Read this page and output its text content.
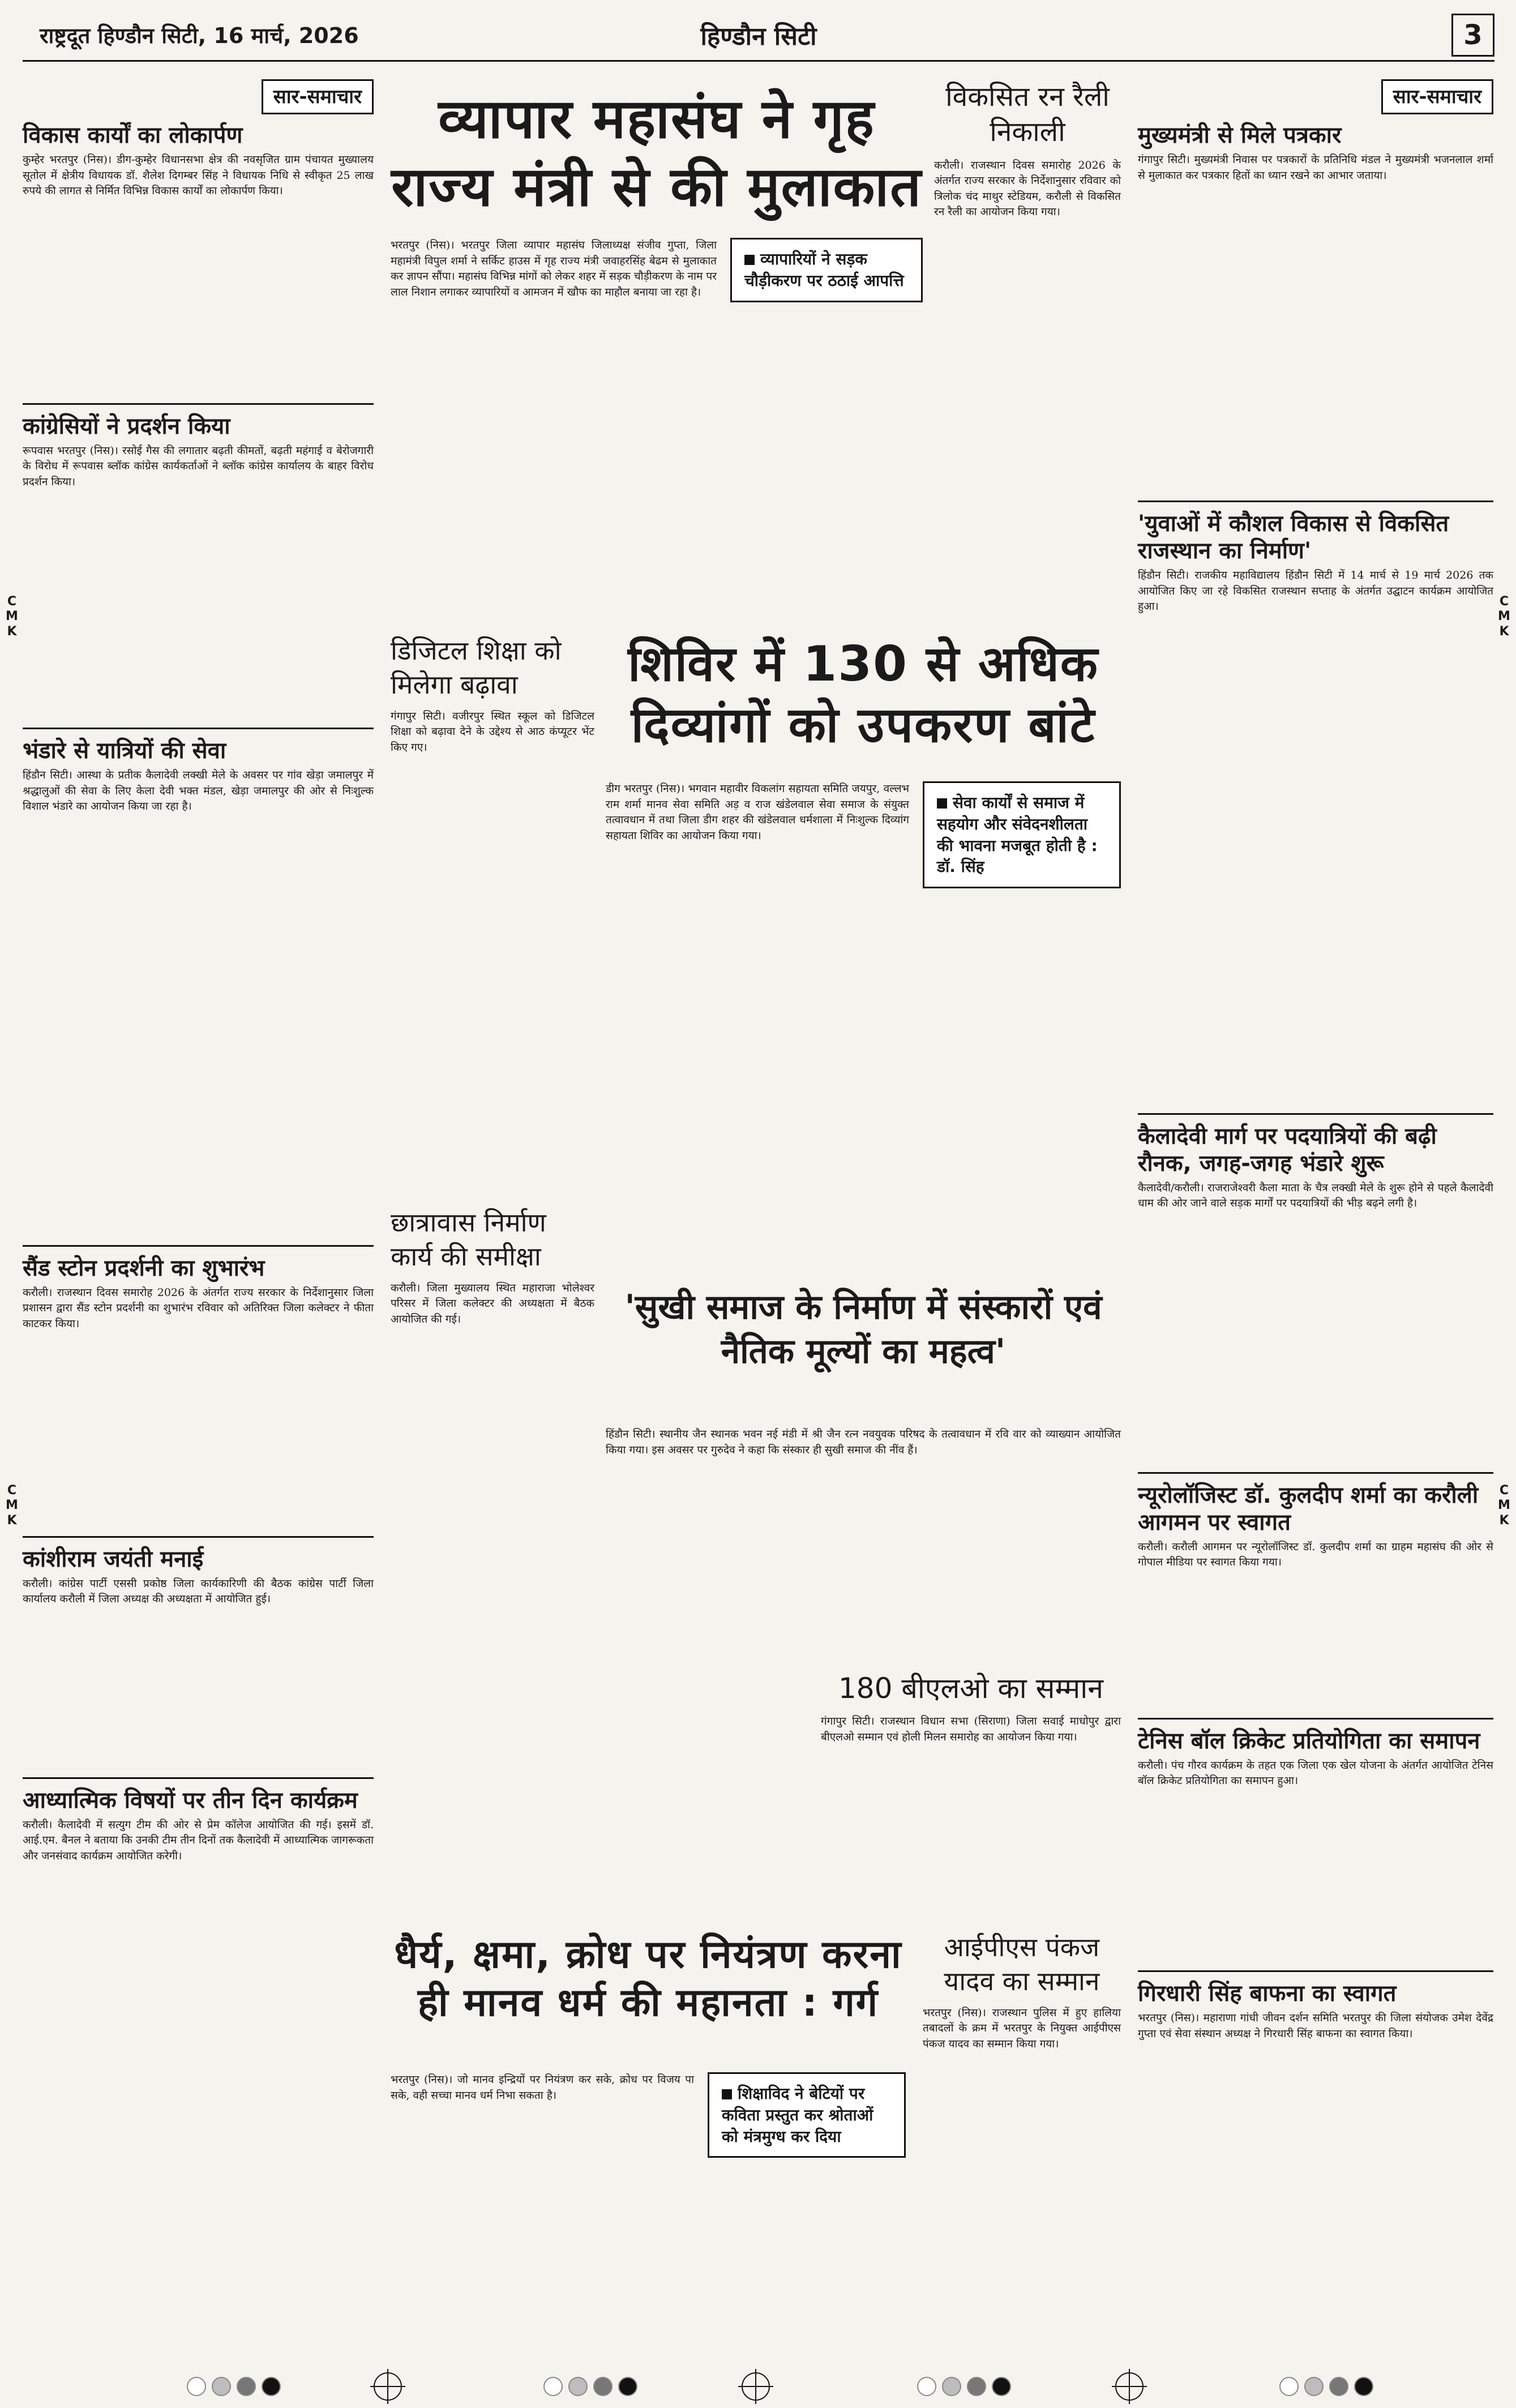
राष्ट्रदूत हिण्डौन सिटी, 16 मार्च, 2026	हिण्डौन सिटी	3
सार-समाचार
विकास कार्यों का लोकार्पण

कुम्हेर भरतपुर (निस)। डीग-कुम्हेर विधानसभा क्षेत्र की नवसृजित ग्राम पंचायत मुख्यालय सूतोल में क्षेत्रीय विधायक डॉ. शैलेश दिगम्बर सिंह ने विधायक निधि से स्वीकृत 25 लाख रुपये की लागत से निर्मित विभिन्न विकास कार्यों का लोकार्पण किया।

कांग्रेसियों ने प्रदर्शन किया

रूपवास भरतपुर (निस)। रसोई गैस की लगातार बढ़ती कीमतों, बढ़ती महंगाई व बेरोजगारी के विरोध में रूपवास ब्लॉक कांग्रेस कार्यकर्ताओं ने ब्लॉक कांग्रेस कार्यालय के बाहर विरोध प्रदर्शन किया।

भंडारे से यात्रियों की सेवा

हिंडौन सिटी। आस्था के प्रतीक कैलादेवी लक्खी मेले के अवसर पर गांव खेड़ा जमालपुर में श्रद्धालुओं की सेवा के लिए केला देवी भक्त मंडल, खेड़ा जमालपुर की ओर से निःशुल्क विशाल भंडारे का आयोजन किया जा रहा है।

सैंड स्टोन प्रदर्शनी का शुभारंभ

करौली। राजस्थान दिवस समारोह 2026 के अंतर्गत राज्य सरकार के निर्देशानुसार जिला प्रशासन द्वारा सैंड स्टोन प्रदर्शनी का शुभारंभ रविवार को अतिरिक्त जिला कलेक्टर ने फीता काटकर किया।

कांशीराम जयंती मनाई

करौली। कांग्रेस पार्टी एससी प्रकोष्ठ जिला कार्यकारिणी की बैठक कांग्रेस पार्टी जिला कार्यालय करौली में जिला अध्यक्ष की अध्यक्षता में आयोजित हुई।

आध्यात्मिक विषयों पर तीन दिन कार्यक्रम

करौली। कैलादेवी में सत्युग टीम की ओर से प्रेम कॉलेज आयोजित की गई। इसमें डॉ. आई.एम. बैनल ने बताया कि उनकी टीम तीन दिनों तक कैलादेवी में आध्यात्मिक जागरूकता और जनसंवाद कार्यक्रम आयोजित करेगी।

व्यापार महासंघ ने गृह राज्य मंत्री से की मुलाकात
विकसित रन रैली निकाली

करौली। राजस्थान दिवस समारोह 2026 के अंतर्गत राज्य सरकार के निर्देशानुसार रविवार को त्रिलोक चंद माथुर स्टेडियम, करौली से विकसित रन रैली का आयोजन किया गया।

भरतपुर (निस)। भरतपुर जिला व्यापार महासंघ जिलाध्यक्ष संजीव गुप्ता, जिला महामंत्री विपुल शर्मा ने सर्किट हाउस में गृह राज्य मंत्री जवाहरसिंह बेढम से मुलाकात कर ज्ञापन सौंपा। महासंघ विभिन्न मांगों को लेकर शहर में सड़क चौड़ीकरण के नाम पर लाल निशान लगाकर व्यापारियों व आमजन में खौफ का माहौल बनाया जा रहा है।

व्यापारियों ने सड़क चौड़ीकरण पर ठठाई आपत्ति
डिजिटल शिक्षा को मिलेगा बढ़ावा

गंगापुर सिटी। वजीरपुर स्थित स्कूल को डिजिटल शिक्षा को बढ़ावा देने के उद्देश्य से आठ कंप्यूटर भेंट किए गए।

शिविर में 130 से अधिक दिव्यांगों को उपकरण बांटे

डीग भरतपुर (निस)। भगवान महावीर विकलांग सहायता समिति जयपुर, वल्लभ राम शर्मा मानव सेवा समिति अड़ व राज खंडेलवाल सेवा समाज के संयुक्त तत्वावधान में तथा जिला डीग शहर की खंडेलवाल धर्मशाला में निःशुल्क दिव्यांग सहायता शिविर का आयोजन किया गया।

सेवा कार्यों से समाज में सहयोग और संवेदनशीलता की भावना मजबूत होती है : डॉ. सिंह
छात्रावास निर्माण कार्य की समीक्षा

करौली। जिला मुख्यालय स्थित महाराजा भोलेश्वर परिसर में जिला कलेक्टर की अध्यक्षता में बैठक आयोजित की गई।	'सुखी समाज के निर्माण में संस्कारों एवं नैतिक मूल्यों का महत्व'

हिंडौन सिटी। स्थानीय जैन स्थानक भवन नई मंडी में श्री जैन रत्न नवयुवक परिषद के तत्वावधान में रवि वार को व्याख्यान आयोजित किया गया। इस अवसर पर गुरुदेव ने कहा कि संस्कार ही सुखी समाज की नींव हैं।

180 बीएलओ का सम्मान

गंगापुर सिटी। राजस्थान विधान सभा (सिराणा) जिला सवाई माधोपुर द्वारा बीएलओ सम्मान एवं होली मिलन समारोह का आयोजन किया गया।

धैर्य, क्षमा, क्रोध पर नियंत्रण करना ही मानव धर्म की महानता : गर्ग

भरतपुर (निस)। जो मानव इन्द्रियों पर नियंत्रण कर सके, क्रोध पर विजय पा सके, वही सच्चा मानव धर्म निभा सकता है।	शिक्षाविद ने बेटियों पर कविता प्रस्तुत कर श्रोताओं को मंत्रमुग्ध कर दिया
आईपीएस पंकज यादव का सम्मान

भरतपुर (निस)। राजस्थान पुलिस में हुए हालिया तबादलों के क्रम में भरतपुर के नियुक्त आईपीएस पंकज यादव का सम्मान किया गया।

सार-समाचार
मुख्यमंत्री से मिले पत्रकार

गंगापुर सिटी। मुख्यमंत्री निवास पर पत्रकारों के प्रतिनिधि मंडल ने मुख्यमंत्री भजनलाल शर्मा से मुलाकात कर पत्रकार हितों का ध्यान रखने का आभार जताया।

'युवाओं में कौशल विकास से विकसित राजस्थान का निर्माण'

हिंडौन सिटी। राजकीय महाविद्यालय हिंडौन सिटी में 14 मार्च से 19 मार्च 2026 तक आयोजित किए जा रहे विकसित राजस्थान सप्ताह के अंतर्गत उद्घाटन कार्यक्रम आयोजित हुआ।

कैलादेवी मार्ग पर पदयात्रियों की बढ़ी रौनक, जगह-जगह भंडारे शुरू

कैलादेवी/करौली। राजराजेश्वरी कैला माता के चैत्र लक्खी मेले के शुरू होने से पहले कैलादेवी धाम की ओर जाने वाले सड़क मार्गों पर पदयात्रियों की भीड़ बढ़ने लगी है।

न्यूरोलॉजिस्ट डॉ. कुलदीप शर्मा का करौली आगमन पर स्वागत

करौली। करौली आगमन पर न्यूरोलॉजिस्ट डॉ. कुलदीप शर्मा का ग्राहम महासंघ की ओर से गोपाल मीडिया पर स्वागत किया गया।

टेनिस बॉल क्रिकेट प्रतियोगिता का समापन

करौली। पंच गौरव कार्यक्रम के तहत एक जिला एक खेल योजना के अंतर्गत आयोजित टेनिस बॉल क्रिकेट प्रतियोगिता का समापन हुआ।

गिरधारी सिंह बाफना का स्वागत

भरतपुर (निस)। महाराणा गांधी जीवन दर्शन समिति भरतपुर की जिला संयोजक उमेश देवेंद्र गुप्ता एवं सेवा संस्थान अध्यक्ष ने गिरधारी सिंह बाफना का स्वागत किया।

C M K
C M K
C M K
C M K
